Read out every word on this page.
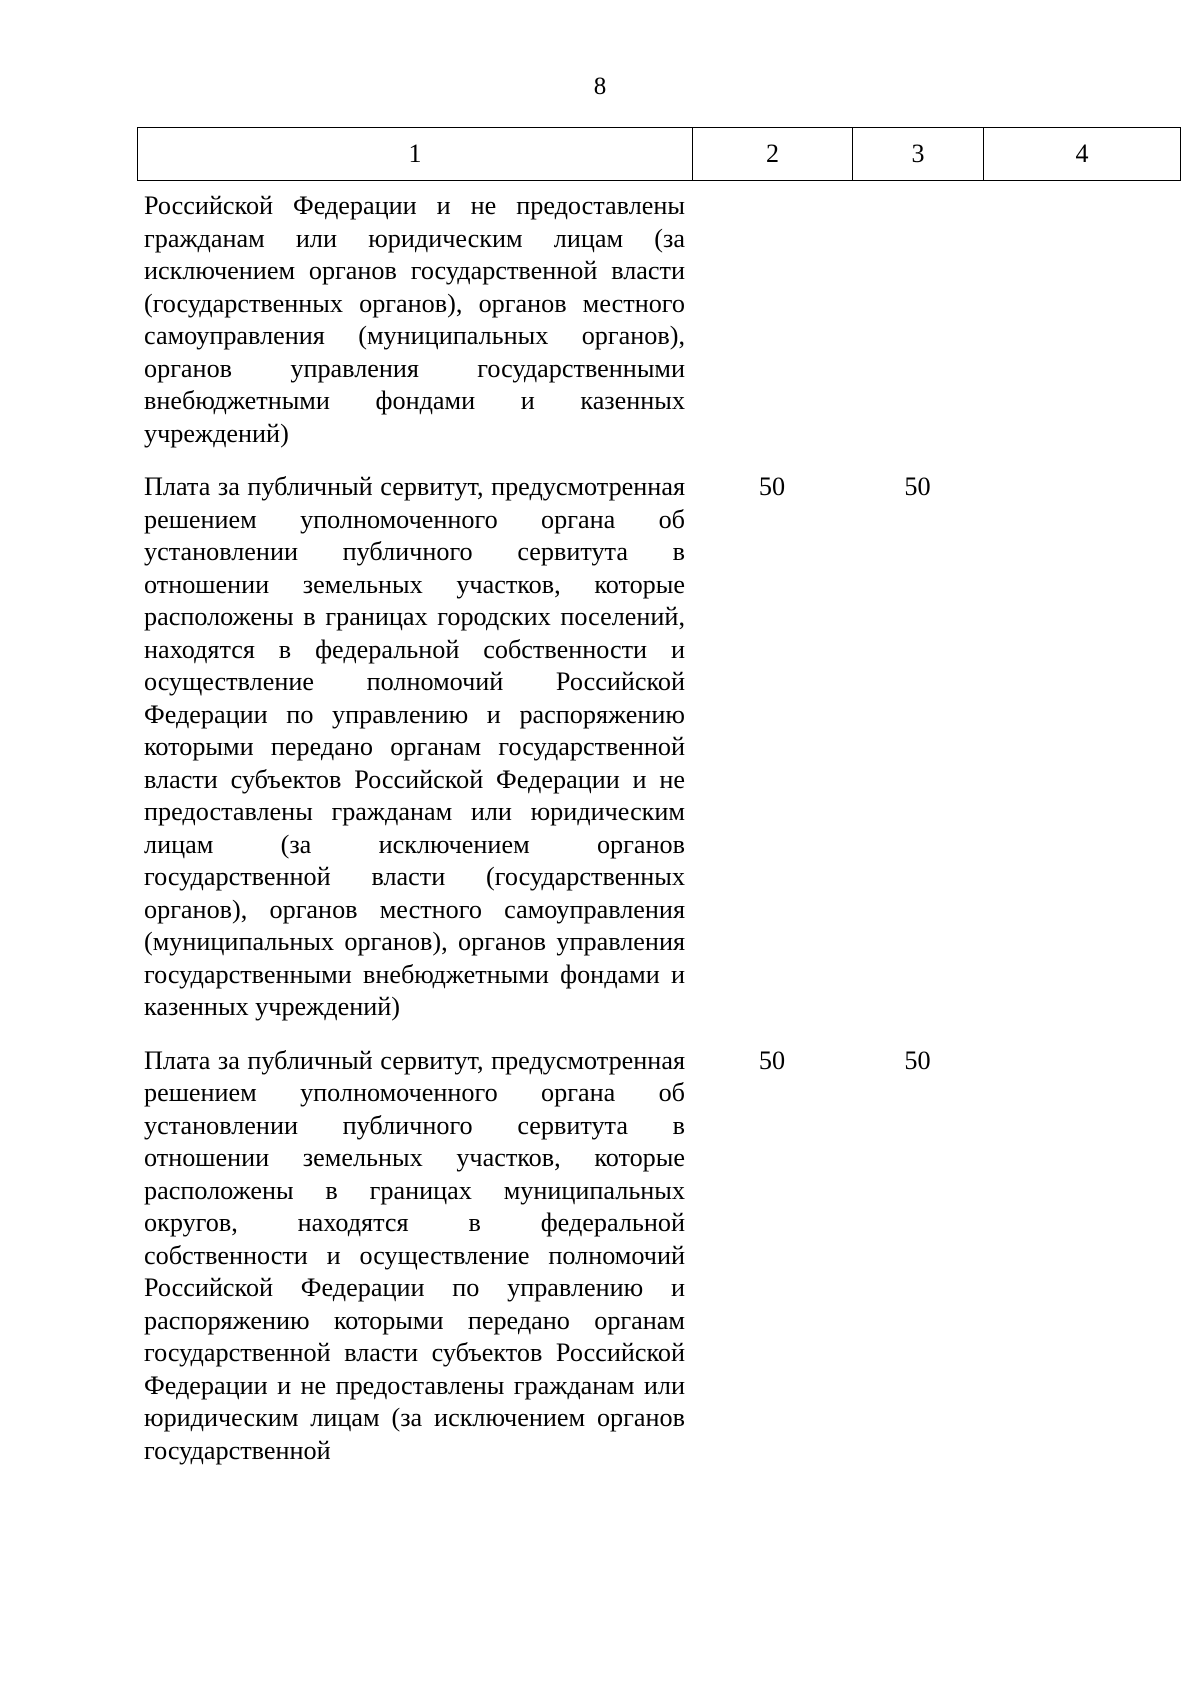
8
1	2	3	4
Российской Федерации и не предоставлены гражданам или юридическим лицам (за исключением органов государственной власти (государственных органов), органов местного самоуправления (муниципальных органов), органов управления государственными внебюджетными фондами и казенных учреждений)			

Плата за публичный сервитут, предусмотренная решением уполномоченного органа об установлении публичного сервитута в отношении земельных участков, которые расположены в границах городских поселений, находятся в федеральной собственности и осуществление полномочий Российской Федерации по управлению и распоряжению которыми передано органам государственной власти субъектов Российской Федерации и не предоставлены гражданам или юридическим лицам (за исключением органов государственной власти (государственных органов), органов местного самоуправления (муниципальных органов), органов управления государственными внебюджетными фондами и казенных учреждений)	50	50	

Плата за публичный сервитут, предусмотренная решением уполномоченного органа об установлении публичного сервитута в отношении земельных участков, которые расположены в границах муниципальных округов, находятся в федеральной собственности и осуществление полномочий Российской Федерации по управлению и распоряжению которыми передано органам государственной власти субъектов Российской Федерации и не предоставлены гражданам или юридическим лицам (за исключением органов государственной	50	50	
